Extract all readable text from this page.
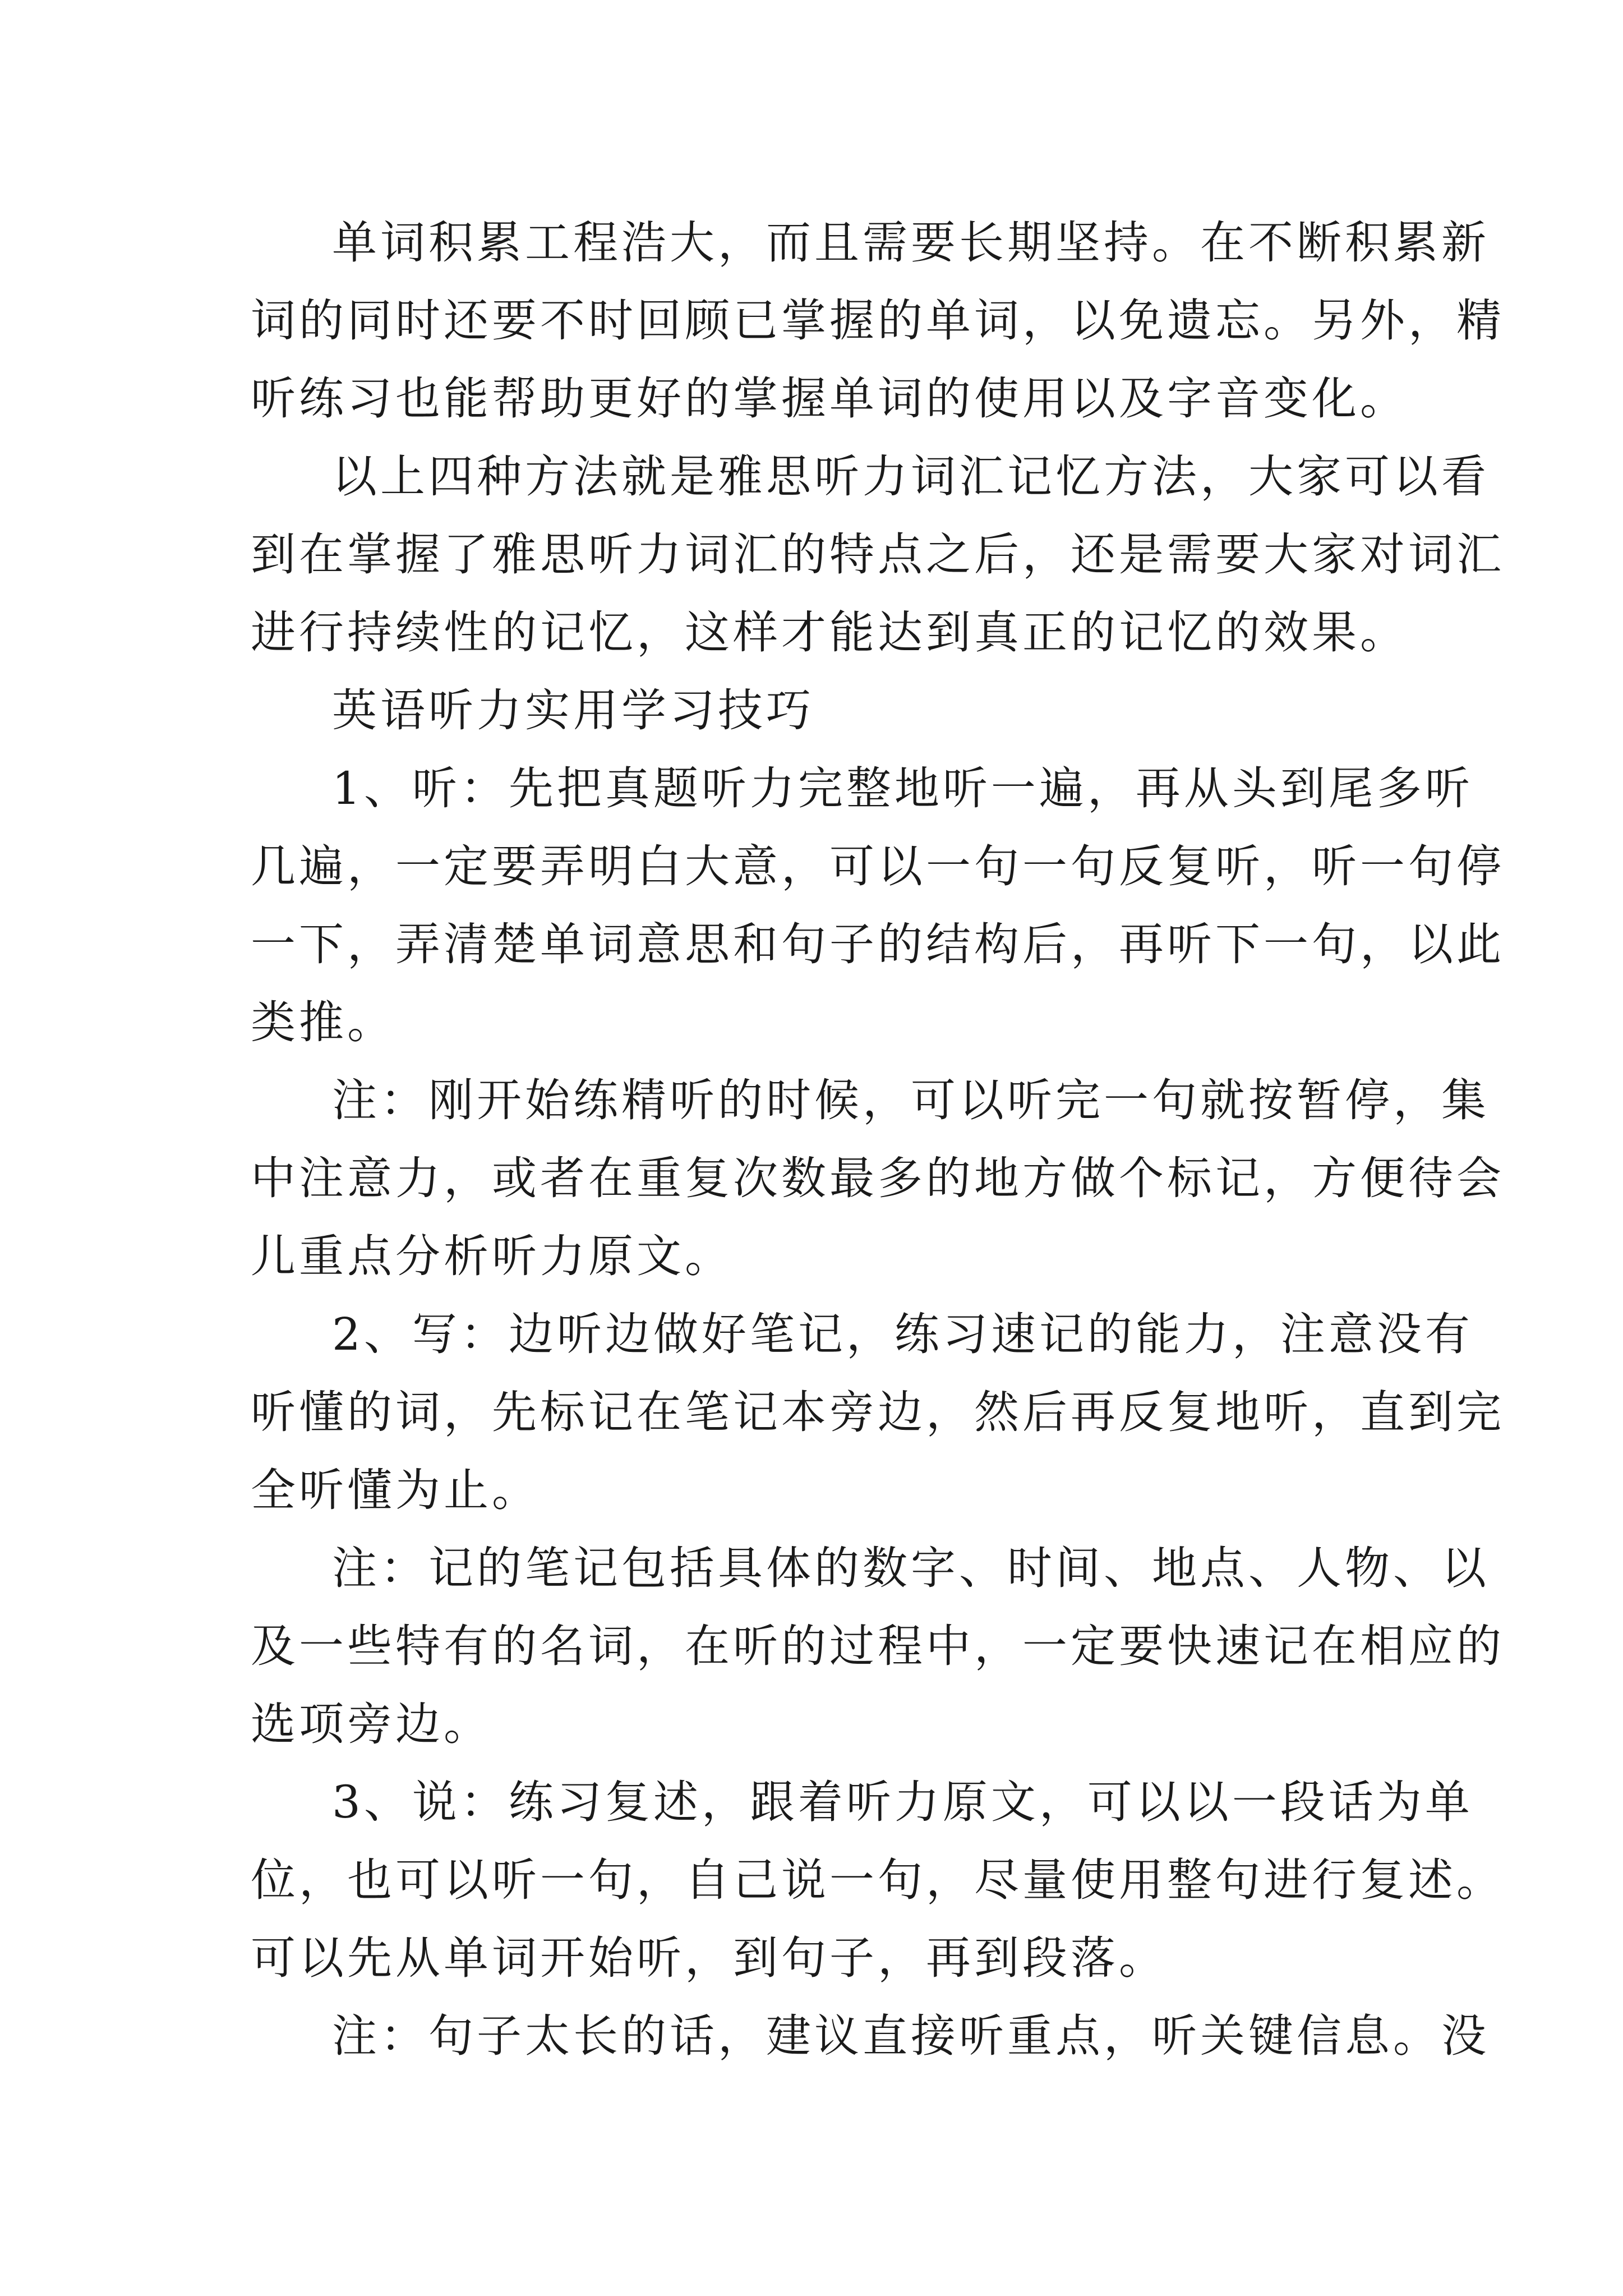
单词积累工程浩大，而且需要长期坚持。在不断积累新
词的同时还要不时回顾已掌握的单词，以免遗忘。另外，精
听练习也能帮助更好的掌握单词的使用以及字音变化。
以上四种方法就是雅思听力词汇记忆方法，大家可以看
到在掌握了雅思听力词汇的特点之后，还是需要大家对词汇
进行持续性的记忆，这样才能达到真正的记忆的效果。
英语听力实用学习技巧
1、听：先把真题听力完整地听一遍，再从头到尾多听
几遍，一定要弄明白大意，可以一句一句反复听，听一句停
一下，弄清楚单词意思和句子的结构后，再听下一句，以此
类推。
注：刚开始练精听的时候，可以听完一句就按暂停，集
中注意力，或者在重复次数最多的地方做个标记，方便待会
儿重点分析听力原文。
2、写：边听边做好笔记，练习速记的能力，注意没有
听懂的词，先标记在笔记本旁边，然后再反复地听，直到完
全听懂为止。
注：记的笔记包括具体的数字、时间、地点、人物、以
及一些特有的名词，在听的过程中，一定要快速记在相应的
选项旁边。
3、说：练习复述，跟着听力原文，可以以一段话为单
位，也可以听一句，自己说一句，尽量使用整句进行复述。
可以先从单词开始听，到句子，再到段落。
注：句子太长的话，建议直接听重点，听关键信息。没
